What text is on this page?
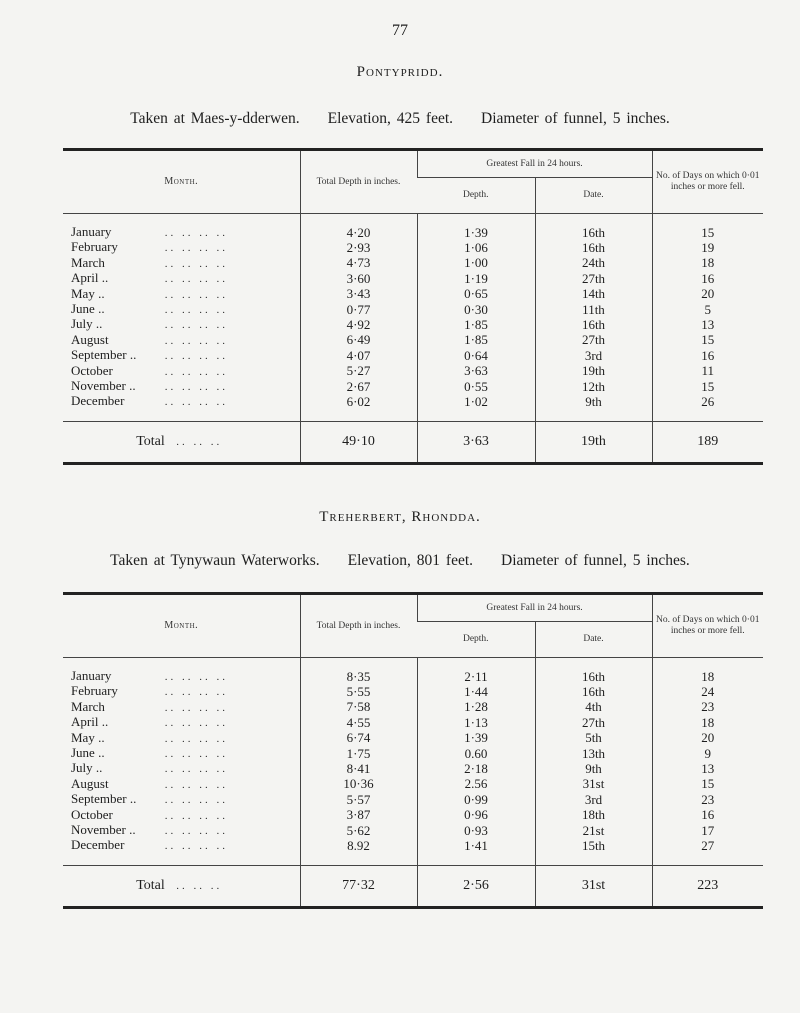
77
Pontypridd.
Taken at Maes-y-dderwen. Elevation, 425 feet. Diameter of funnel, 5 inches.
Month.	Total Depth in inches.	Greatest Fall in 24 hours.		No. of Days on which 0·01 inches or more fell.
		Depth.	Date.	

January .. .. .. ..	4·20	1·39	16th	15
February .. .. .. ..	2·93	1·06	16th	19
March .. .. .. ..	4·73	1·00	24th	18
April .. .. .. .. ..	3·60	1·19	27th	16
May .. .. .. .. ..	3·43	0·65	14th	20
June .. .. .. .. ..	0·77	0·30	11th	5
July .. .. .. .. ..	4·92	1·85	16th	13
August .. .. .. ..	6·49	1·85	27th	15
September .. .. .. .. ..	4·07	0·64	3rd	16
October .. .. .. ..	5·27	3·63	19th	11
November .. .. .. .. ..	2·67	0·55	12th	15
December .. .. .. ..	6·02	1·02	9th	26

Total  .. .. ..	49·10	3·63	19th	189
Treherbert, Rhondda.
Taken at Tynywaun Waterworks. Elevation, 801 feet. Diameter of funnel, 5 inches.
Month.	Total Depth in inches.	Greatest Fall in 24 hours.		No. of Days on which 0·01 inches or more fell.
		Depth.	Date.	

January .. .. .. ..	8·35	2·11	16th	18
February .. .. .. ..	5·55	1·44	16th	24
March .. .. .. ..	7·58	1·28	4th	23
April .. .. .. .. ..	4·55	1·13	27th	18
May .. .. .. .. ..	6·74	1·39	5th	20
June .. .. .. .. ..	1·75	0.60	13th	9
July .. .. .. .. ..	8·41	2·18	9th	13
August .. .. .. ..	10·36	2.56	31st	15
September .. .. .. .. ..	5·57	0·99	3rd	23
October .. .. .. ..	3·87	0·96	18th	16
November .. .. .. .. ..	5·62	0·93	21st	17
December .. .. .. ..	8.92	1·41	15th	27

Total  .. .. ..	77·32	2·56	31st	223
